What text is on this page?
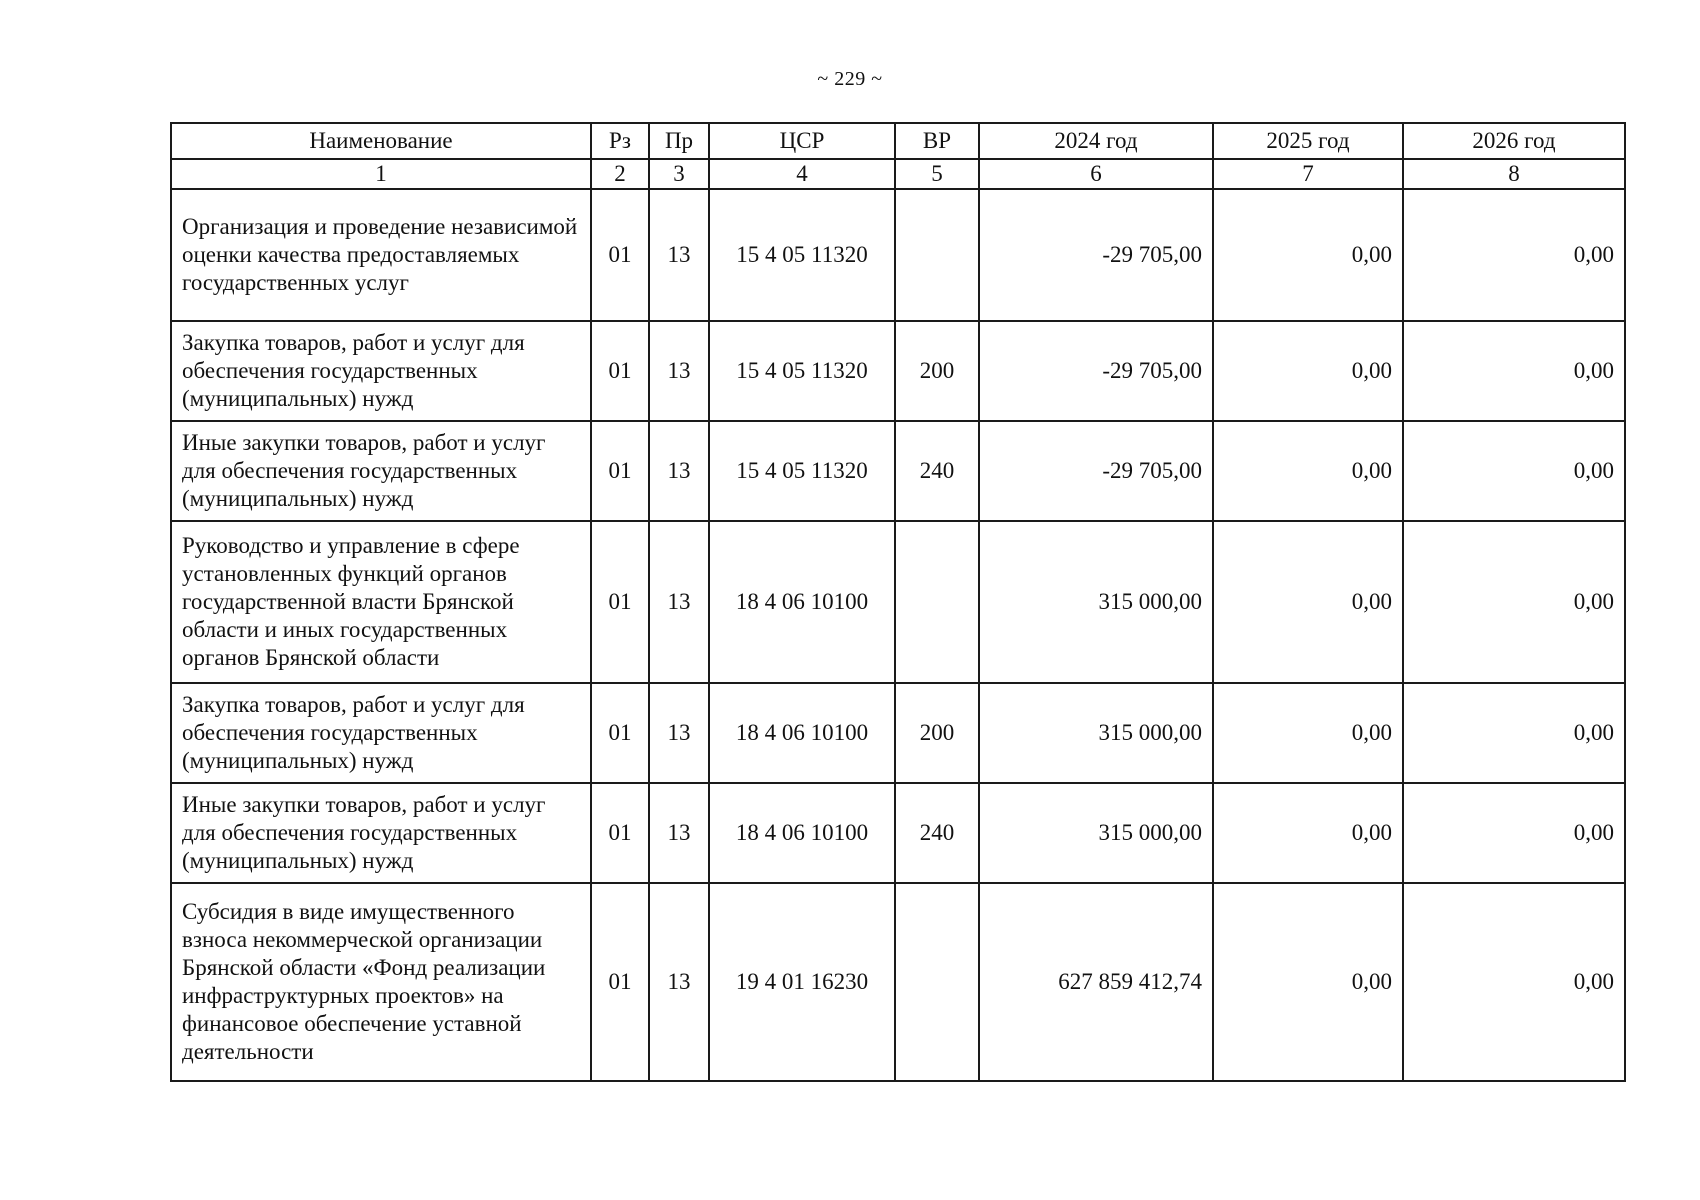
~ 229 ~
Наименование	Рз	Пр	ЦСР	ВР	2024 год	2025 год	2026 год
1	2	3	4	5	6	7	8
Организация и проведение независимой оценки качества предоставляемых государственных услуг	01	13	15 4 05 11320		-29 705,00	0,00	0,00
Закупка товаров, работ и услуг для обеспечения государственных (муниципальных) нужд	01	13	15 4 05 11320	200	-29 705,00	0,00	0,00
Иные закупки товаров, работ и услуг для обеспечения государственных (муниципальных) нужд	01	13	15 4 05 11320	240	-29 705,00	0,00	0,00
Руководство и управление в сфере установленных функций органов государственной власти Брянской области и иных государственных органов Брянской области	01	13	18 4 06 10100		315 000,00	0,00	0,00
Закупка товаров, работ и услуг для обеспечения государственных (муниципальных) нужд	01	13	18 4 06 10100	200	315 000,00	0,00	0,00
Иные закупки товаров, работ и услуг для обеспечения государственных (муниципальных) нужд	01	13	18 4 06 10100	240	315 000,00	0,00	0,00
Субсидия в виде имущественного взноса некоммерческой организации Брянской области «Фонд реализации инфраструктурных проектов» на финансовое обеспечение уставной деятельности	01	13	19 4 01 16230		627 859 412,74	0,00	0,00
